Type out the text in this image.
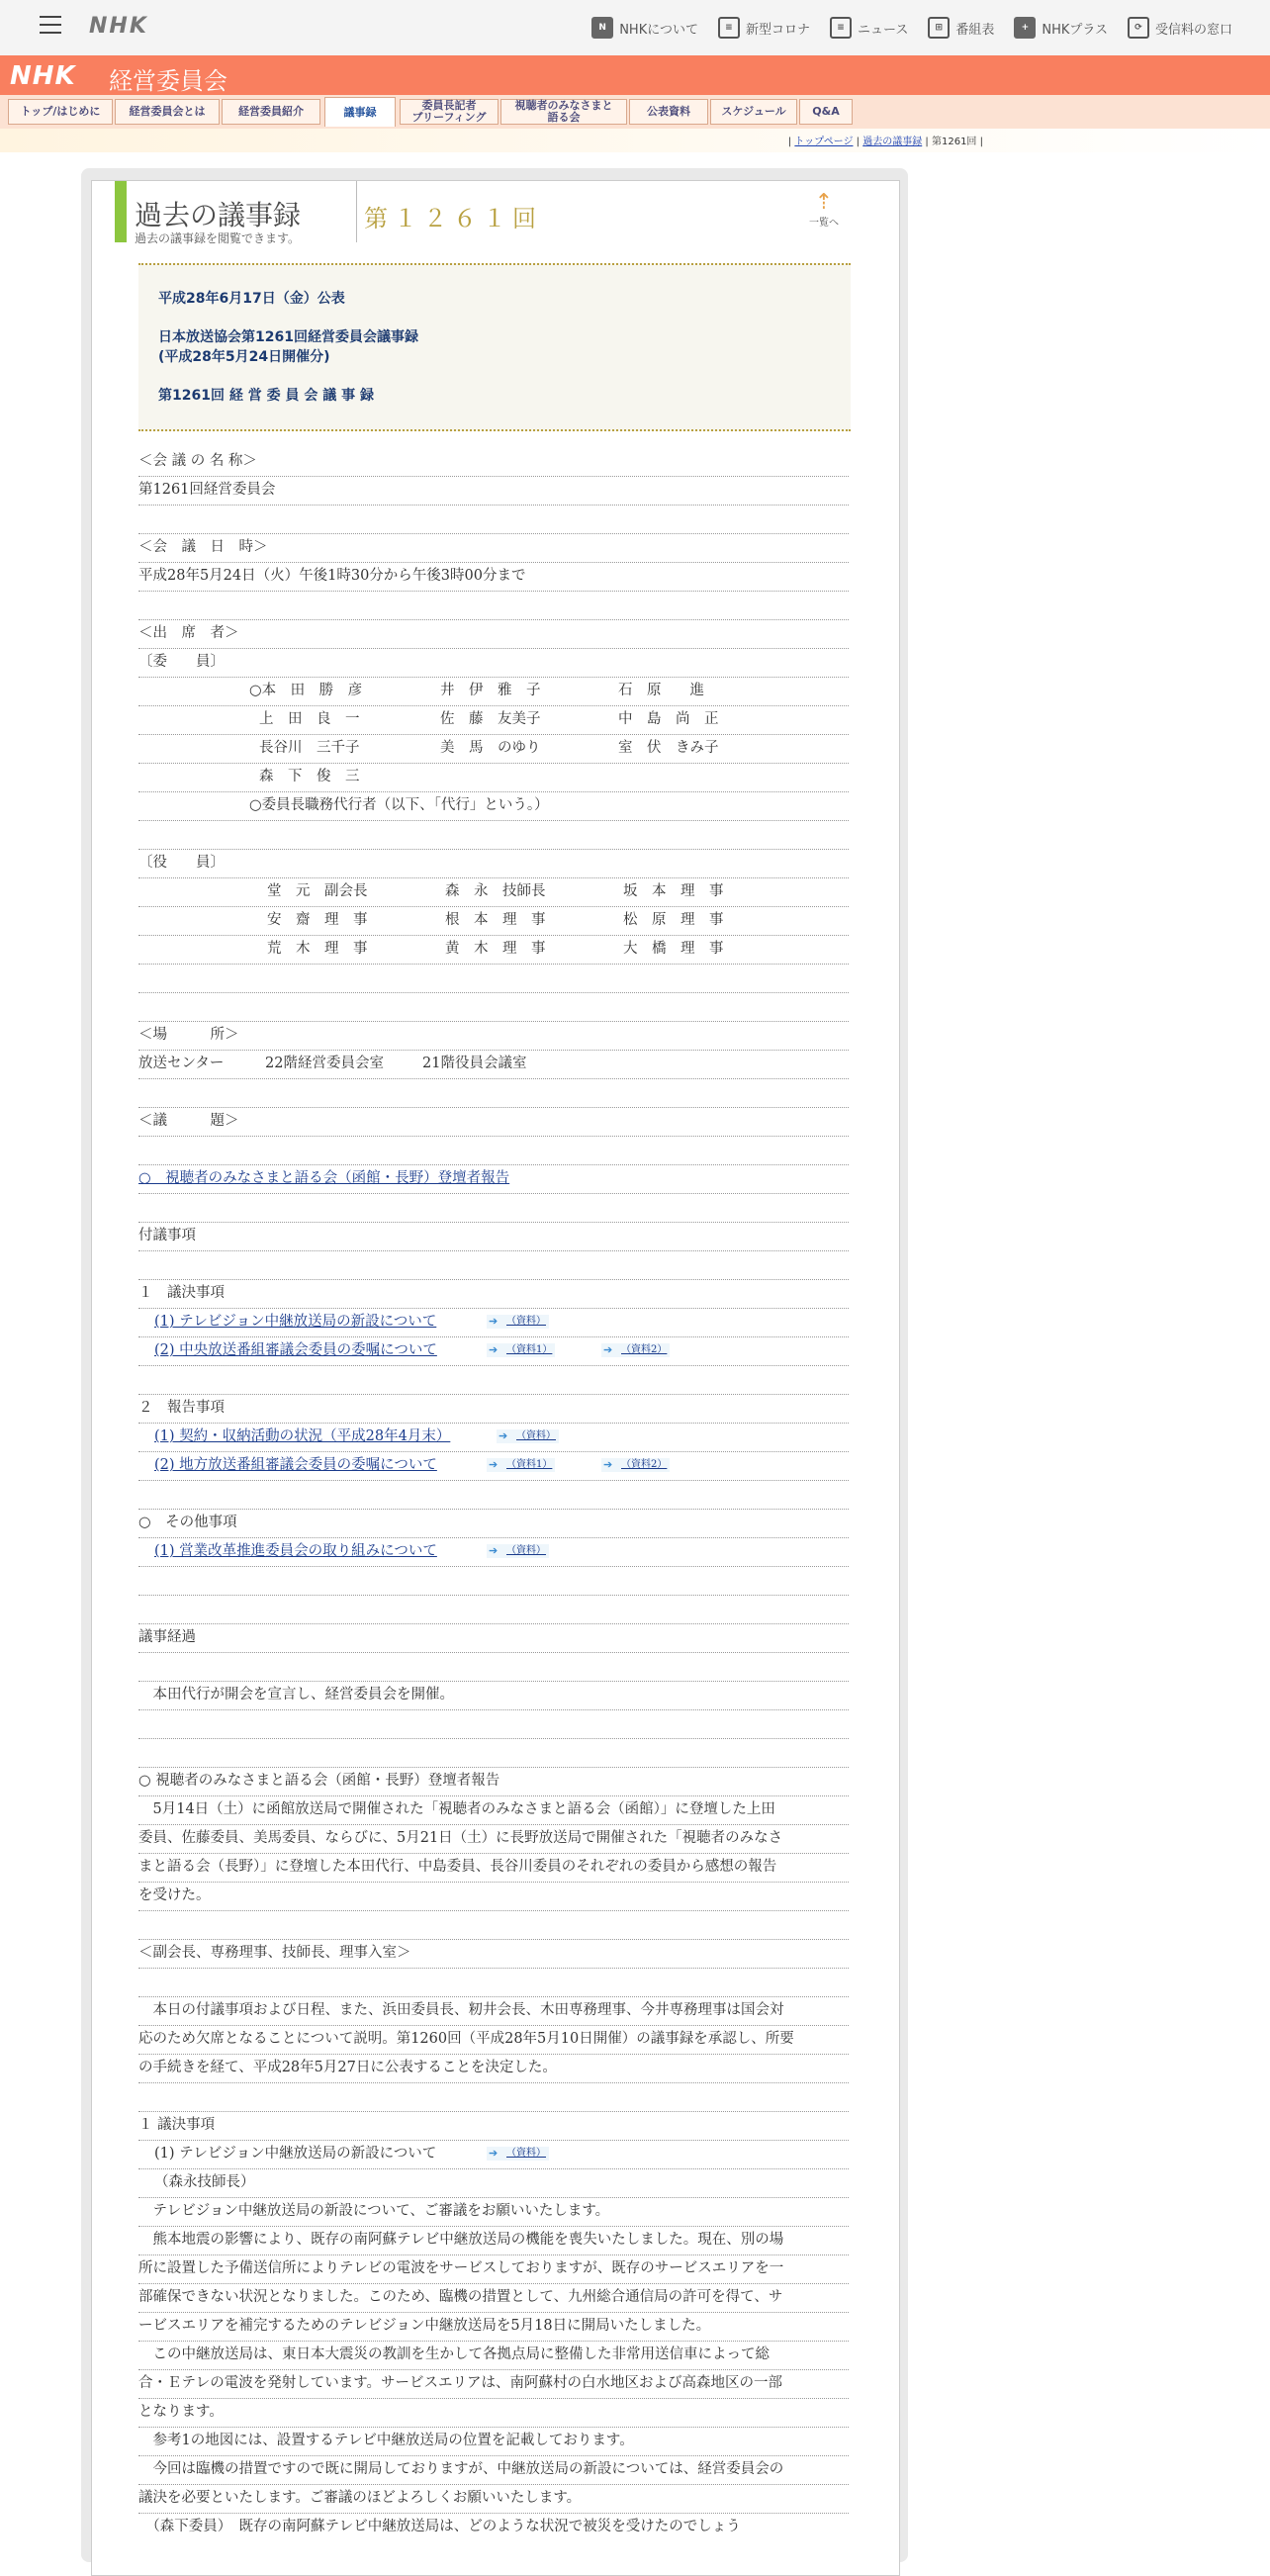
NHK	N	NHKについて	≡	新型コロナ	≡	ニュース	⊞	番組表	+	NHKプラス	⟳	受信料の窓口
NHK 経営委員会
トップ/はじめに	経営委員会とは	経営委員紹介	議事録	委員長記者
ブリーフィング
視聴者のみなさまと
語る会	公表資料	スケジュール	Q&A
| トップページ | 過去の議事録 | 第1261回 |
過去の議事録
過去の議事録を閲覧できます。
第１２６１回
⇡
一覧へ
平成28年6月17日（金）公表
日本放送協会第1261回経営委員会議事録
(平成28年5月24日開催分)
第1261回 経 営 委 員 会 議 事 録
＜会 議 の 名 称＞
第1261回経営委員会
＜会　議　日　時＞
平成28年5月24日（火）午後1時30分から午後3時00分まで
＜出　席　者＞
〔委　　員〕
○本　田　勝　彦	井　伊　雅　子	石　原　　進
上　田　良　一	佐　藤　友美子	中　島　尚　正
長谷川　三千子	美　馬　のゆり	室　伏　きみ子
森　下　俊　三
○委員長職務代行者（以下、「代行」という。）
〔役　　員〕
堂　元　副会長	森　永　技師長	坂　本　理　事
安　齋　理　事	根　本　理　事	松　原　理　事
荒　木　理　事	黄　木　理　事	大　橋　理　事
＜場　　　所＞
放送センター	22階経営委員会室	21階役員会議室
＜議　　　題＞
○　視聴者のみなさまと語る会（函館・長野）登壇者報告
付議事項
１　議決事項
(1) テレビジョン中継放送局の新設について	➔ （資料）
(2) 中央放送番組審議会委員の委嘱について	➔ （資料1）	➔ （資料2）
２　報告事項
(1) 契約・収納活動の状況（平成28年4月末）	➔ （資料）
(2) 地方放送番組審議会委員の委嘱について	➔ （資料1）	➔ （資料2）
○　その他事項
(1) 営業改革推進委員会の取り組みについて	➔ （資料）
議事経過
　本田代行が開会を宣言し、経営委員会を開催。
○ 視聴者のみなさまと語る会（函館・長野）登壇者報告
　5月14日（土）に函館放送局で開催された「視聴者のみなさまと語る会（函館）」に登壇した上田
委員、佐藤委員、美馬委員、ならびに、5月21日（土）に長野放送局で開催された「視聴者のみなさ
まと語る会（長野）」に登壇した本田代行、中島委員、長谷川委員のそれぞれの委員から感想の報告
を受けた。
＜副会長、専務理事、技師長、理事入室＞
　本日の付議事項および日程、また、浜田委員長、籾井会長、木田専務理事、今井専務理事は国会対
応のため欠席となることについて説明。第1260回（平成28年5月10日開催）の議事録を承認し、所要
の手続きを経て、平成28年5月27日に公表することを決定した。
１ 議決事項
(1) テレビジョン中継放送局の新設について	➔ （資料）
（森永技師長）
　テレビジョン中継放送局の新設について、ご審議をお願いいたします。
　熊本地震の影響により、既存の南阿蘇テレビ中継放送局の機能を喪失いたしました。現在、別の場
所に設置した予備送信所によりテレビの電波をサービスしておりますが、既存のサービスエリアを一
部確保できない状況となりました。このため、臨機の措置として、九州総合通信局の許可を得て、サ
ービスエリアを補完するためのテレビジョン中継放送局を5月18日に開局いたしました。
　この中継放送局は、東日本大震災の教訓を生かして各拠点局に整備した非常用送信車によって総
合・Ｅテレの電波を発射しています。サービスエリアは、南阿蘇村の白水地区および高森地区の一部
となります。
　参考1の地図には、設置するテレビ中継放送局の位置を記載しております。
　今回は臨機の措置ですので既に開局しておりますが、中継放送局の新設については、経営委員会の
議決を必要といたします。ご審議のほどよろしくお願いいたします。
　（森下委員）　既存の南阿蘇テレビ中継放送局は、どのような状況で被災を受けたのでしょう
